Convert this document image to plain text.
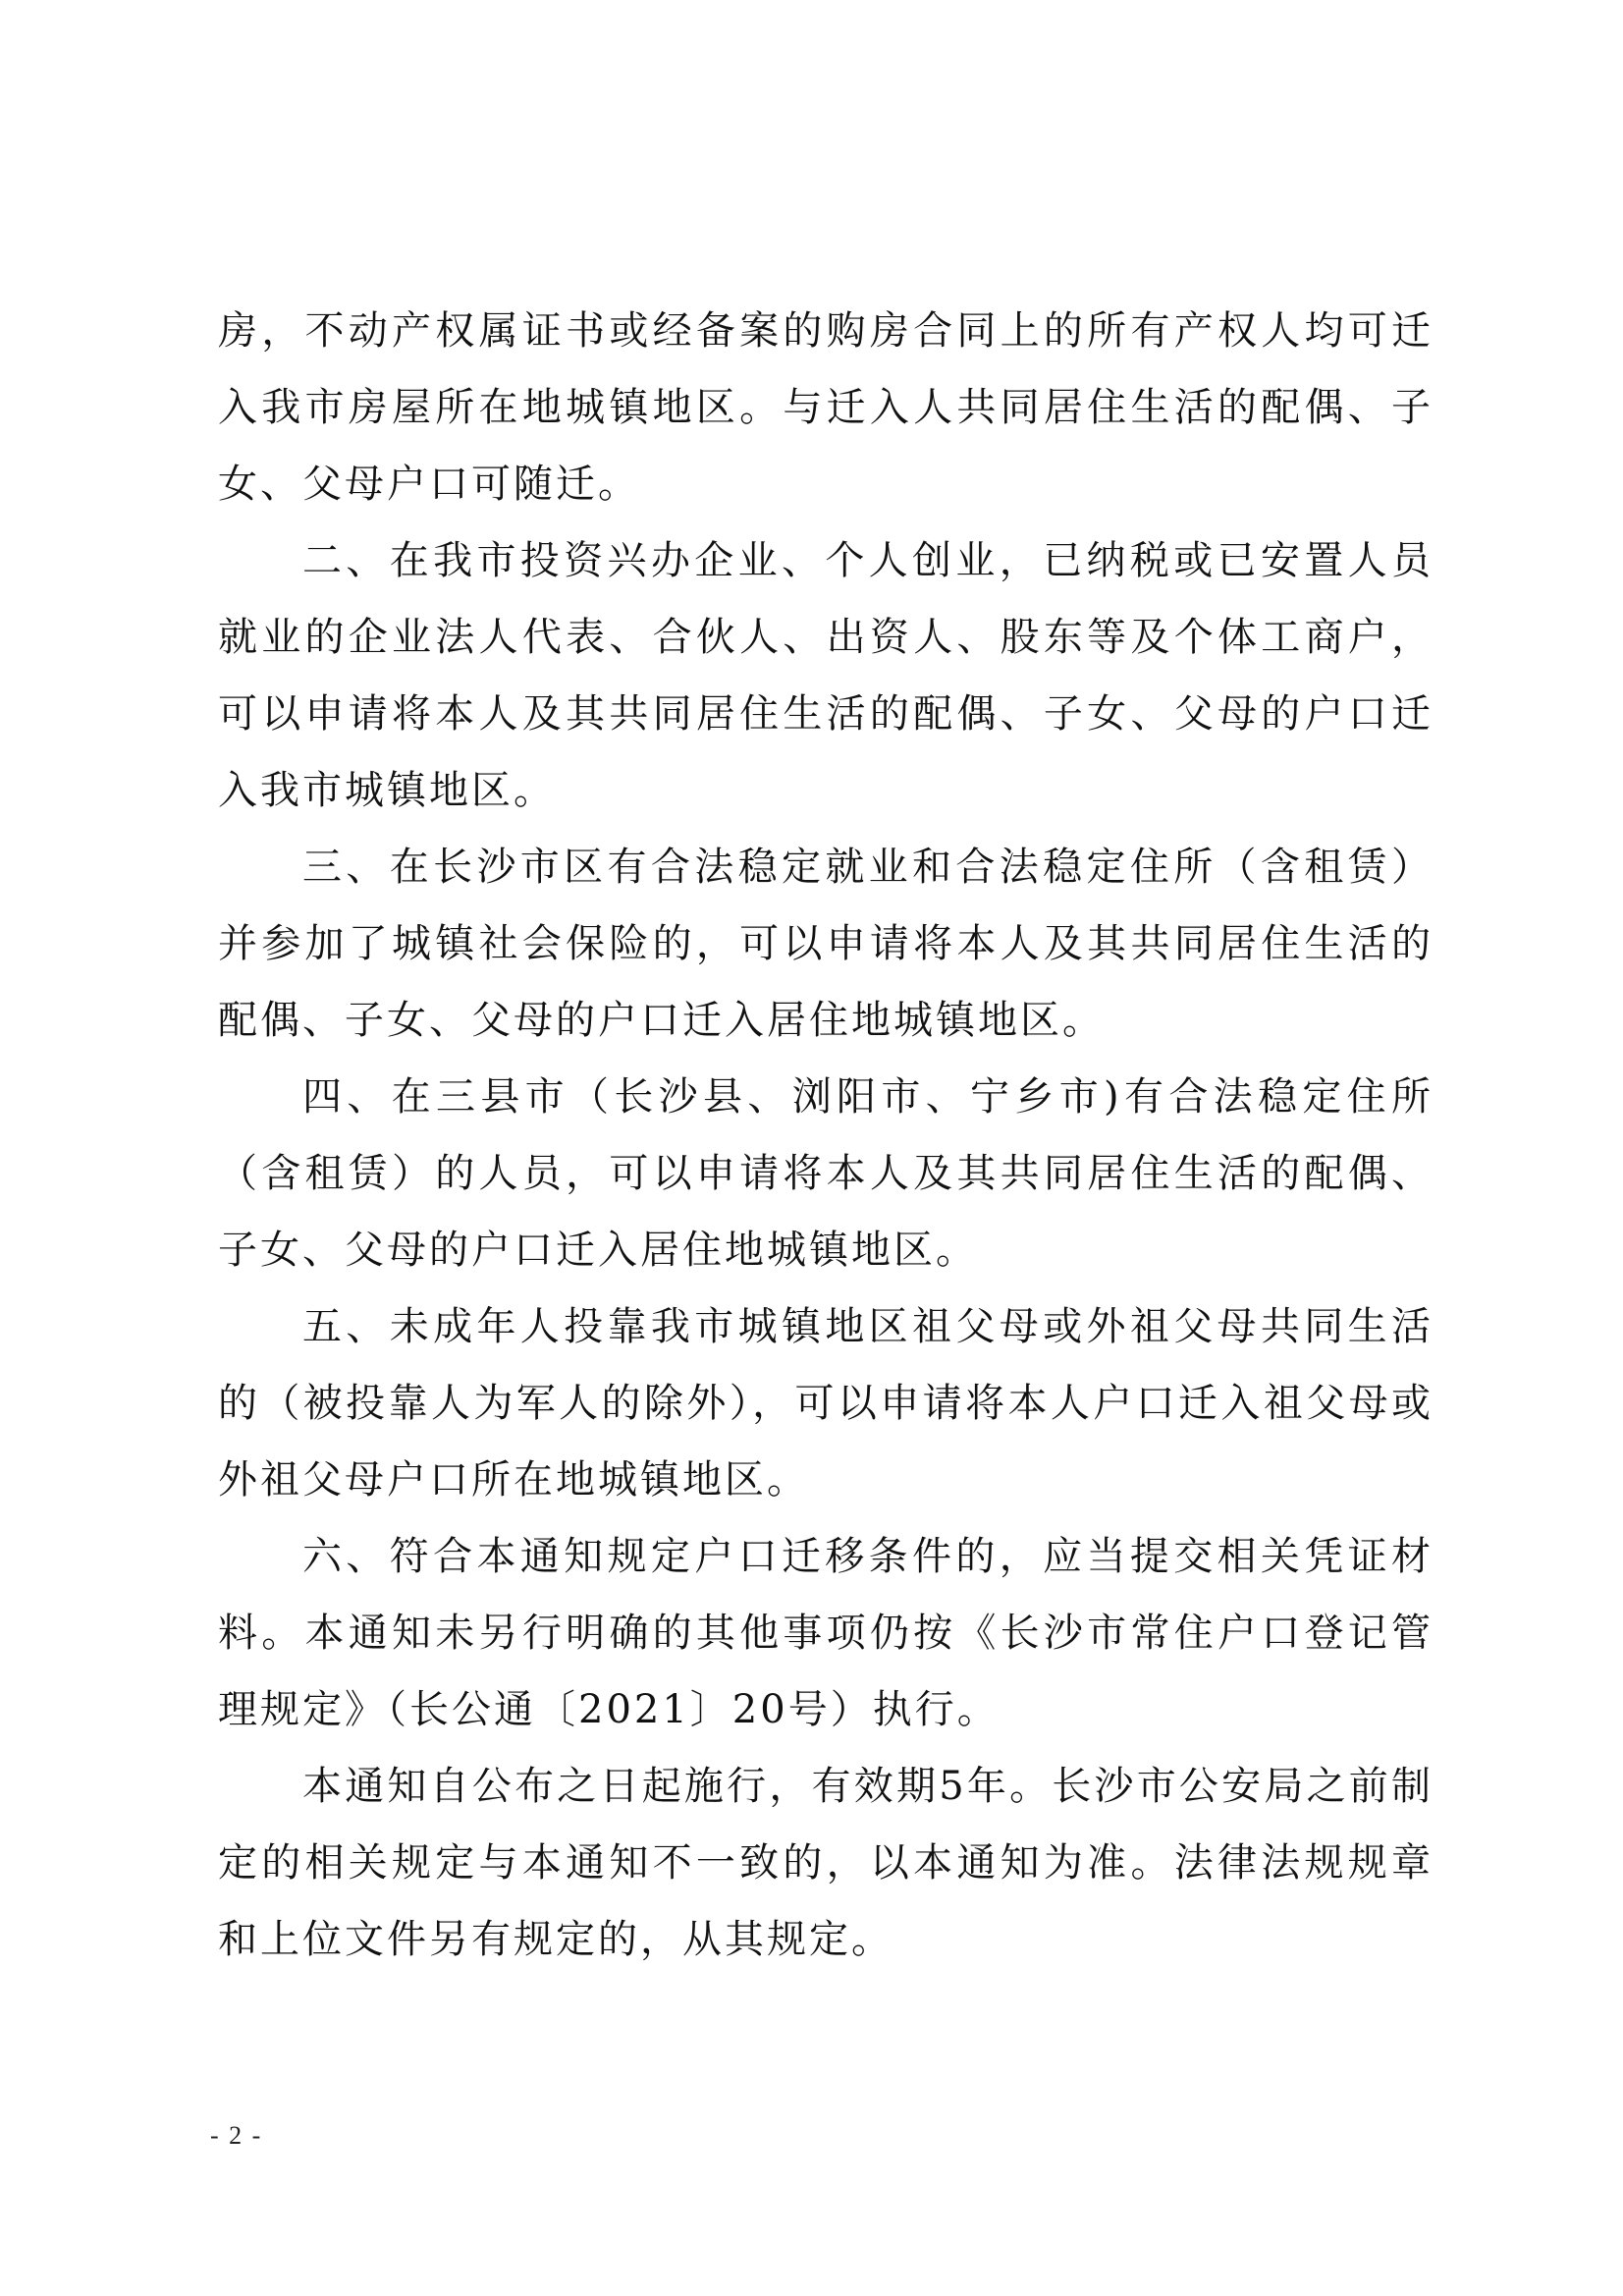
房，不动产权属证书或经备案的购房合同上的所有产权人均可迁入我市房屋所在地城镇地区。与迁入人共同居住生活的配偶、子女、父母户口可随迁。

二、在我市投资兴办企业、个人创业，已纳税或已安置人员就业的企业法人代表、合伙人、出资人、股东等及个体工商户，可以申请将本人及其共同居住生活的配偶、子女、父母的户口迁入我市城镇地区。

三、在长沙市区有合法稳定就业和合法稳定住所（含租赁）并参加了城镇社会保险的，可以申请将本人及其共同居住生活的配偶、子女、父母的户口迁入居住地城镇地区。

四、在三县市（长沙县、浏阳市、宁乡市)有合法稳定住所（含租赁）的人员，可以申请将本人及其共同居住生活的配偶、子女、父母的户口迁入居住地城镇地区。

五、未成年人投靠我市城镇地区祖父母或外祖父母共同生活的（被投靠人为军人的除外），可以申请将本人户口迁入祖父母或外祖父母户口所在地城镇地区。

六、符合本通知规定户口迁移条件的，应当提交相关凭证材料。本通知未另行明确的其他事项仍按《长沙市常住户口登记管理规定》（长公通〔2021〕20号）执行。

本通知自公布之日起施行，有效期5年。长沙市公安局之前制定的相关规定与本通知不一致的，以本通知为准。法律法规规章和上位文件另有规定的，从其规定。

- 2 -
